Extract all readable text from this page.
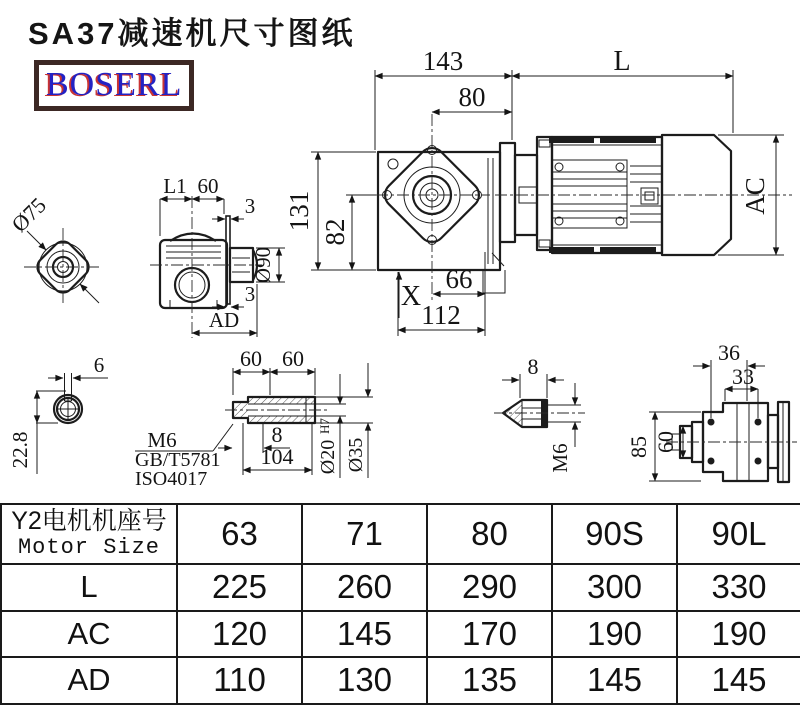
SA37减速机尺寸图纸
BOSERL
143	L
80
131
82
AC
X
66
112
Ø75
L1 60
3
Ø90
3
AD
6
22.8
60 60
8
104
M6
GB/T5781
ISO4017
Ø20
H7
Ø35
8
M6
36
33
85 60
Y2电机机座号
Motor Size	63	71	80	90S	90L
L	225	260	290	300	330
AC	120	145	170	190	190
AD	110	130	135	145	145
